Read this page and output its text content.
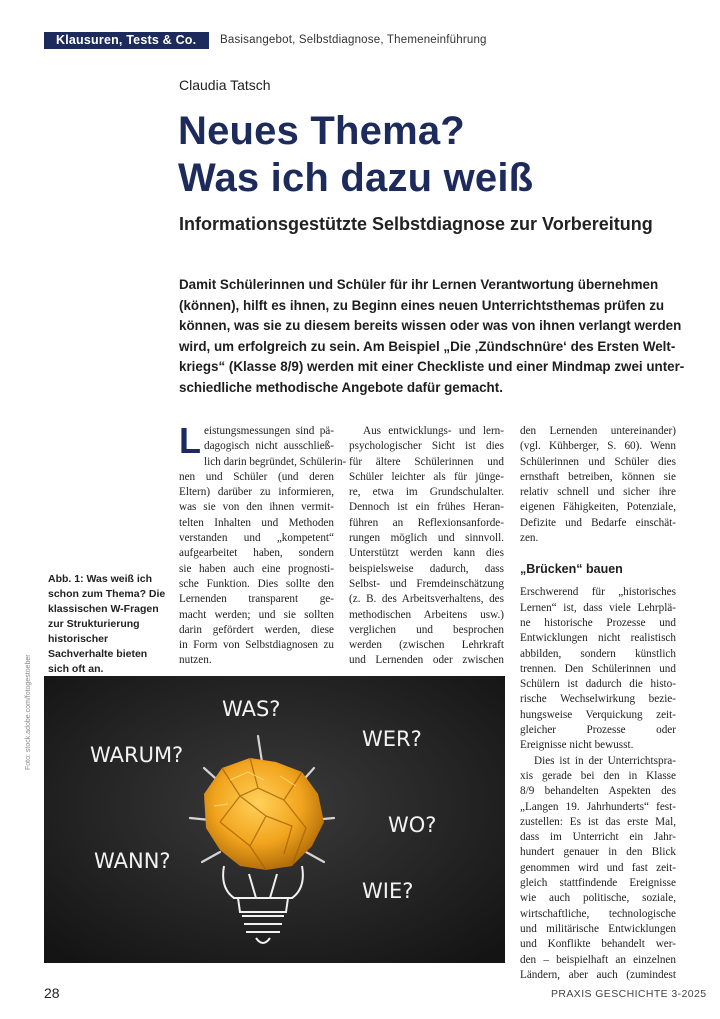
Klausuren, Tests & Co.	Basisangebot, Selbstdiagnose, Themeneinführung
Claudia Tatsch
Neues Thema?
Was ich dazu weiß
Informationsgestützte Selbstdiagnose zur Vorbereitung
Damit Schülerinnen und Schüler für ihr Lernen Verantwortung übernehmen
(können), hilft es ihnen, zu Beginn eines neuen Unterrichtsthemas prüfen zu
können, was sie zu diesem bereits wissen oder was von ihnen verlangt werden
wird, um erfolgreich zu sein. Am Beispiel „Die ‚Zündschnüre‘ des Ersten Welt-
kriegs“ (Klasse 8/9) werden mit einer Checkliste und einer Mindmap zwei unter-
schiedliche methodische Angebote dafür gemacht.
L eistungsmessungen sind pä-
dagogisch nicht ausschließ-
lich darin begründet, Schülerin-
nen und Schüler (und deren
Eltern) darüber zu informieren,
was sie von den ihnen vermit-
telten Inhalten und Methoden
verstanden und „kompetent“
aufgearbeitet haben, sondern
sie haben auch eine prognosti-
sche Funktion. Dies sollte den
Lernenden transparent ge-
macht werden; und sie sollten
darin gefördert werden, diese
in Form von Selbstdiagnosen zu
nutzen.
Aus entwicklungs- und lern-
psychologischer Sicht ist dies
für ältere Schülerinnen und
Schüler leichter als für jünge-
re, etwa im Grundschulalter.
Dennoch ist ein frühes Heran-
führen an Reflexionsanforde-
rungen möglich und sinnvoll.
Unterstützt werden kann dies
beispielsweise dadurch, dass
Selbst- und Fremdeinschätzung
(z. B. des Arbeitsverhaltens, des
methodischen Arbeitens usw.)
verglichen und besprochen
werden (zwischen Lehrkraft
und Lernenden oder zwischen
den Lernenden untereinander)
(vgl. Kühberger, S. 60). Wenn
Schülerinnen und Schüler dies
ernsthaft betreiben, können sie
relativ schnell und sicher ihre
eigenen Fähigkeiten, Potenziale,
Defizite und Bedarfe einschät-
zen.
„Brücken“ bauen
Erschwerend für „historisches
Lernen“ ist, dass viele Lehrplä-
ne historische Prozesse und
Entwicklungen nicht realistisch
abbilden, sondern künstlich
trennen. Den Schülerinnen und
Schülern ist dadurch die histo-
rische Wechselwirkung bezie-
hungsweise Verquickung zeit-
gleicher Prozesse oder
Ereignisse nicht bewusst.
Dies ist in der Unterrichtspra-
xis gerade bei den in Klasse
8/9 behandelten Aspekten des
„Langen 19. Jahrhunderts“ fest-
zustellen: Es ist das erste Mal,
dass im Unterricht ein Jahr-
hundert genauer in den Blick
genommen wird und fast zeit-
gleich stattfindende Ereignisse
wie auch politische, soziale,
wirtschaftliche, technologische
und militärische Entwicklungen
und Konflikte behandelt wer-
den – beispielhaft an einzelnen
Ländern, aber auch (zumindest
Abb. 1: Was weiß ich schon zum Thema? Die klassischen W-Fragen zur Strukturierung historischer Sachverhalte bieten sich oft an.
Foto: stock.adobe.com/fotogestoeber	WAS?
WARUM?
WER?
WO?
WANN?
WIE?
28	PRAXIS GESCHICHTE 3-2025
